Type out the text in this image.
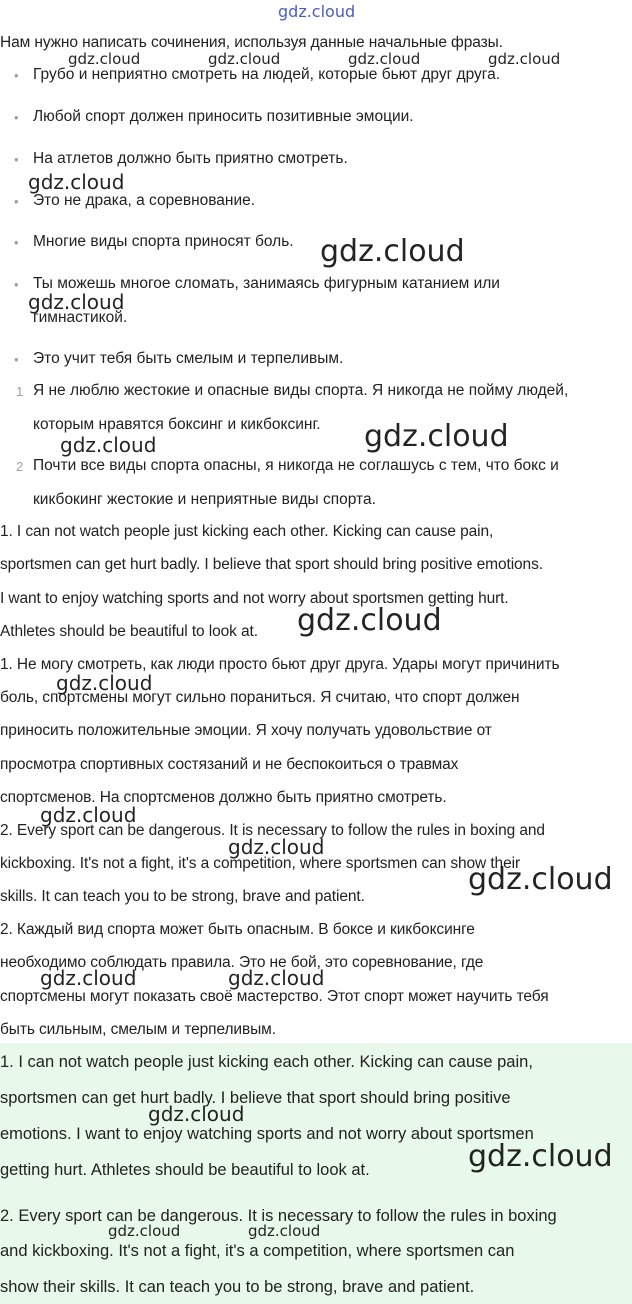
gdz.cloud
Нам нужно написать сочинения, используя данные начальные фразы.
• Грубо и неприятно смотреть на людей, которые бьют друг друга.
• Любой спорт должен приносить позитивные эмоции.
• На атлетов должно быть приятно смотреть.
• Это не драка, а соревнование.
• Многие виды спорта приносят боль.
• Ты можешь многое сломать, занимаясь фигурным катанием или
гимнастикой.
• Это учит тебя быть смелым и терпеливым.
1 Я не люблю жестокие и опасные виды спорта. Я никогда не пойму людей,
которым нравятся боксинг и кикбоксинг.
2 Почти все виды спорта опасны, я никогда не соглашусь с тем, что бокс и
кикбокинг жестокие и неприятные виды спорта.
1. I can not watch people just kicking each other. Kicking can cause pain,
sportsmen can get hurt badly. I believe that sport should bring positive emotions.
I want to enjoy watching sports and not worry about sportsmen getting hurt.
Athletes should be beautiful to look at.
1. Не могу смотреть, как люди просто бьют друг друга. Удары могут причинить
боль, спортсмены могут сильно пораниться. Я считаю, что спорт должен
приносить положительные эмоции. Я хочу получать удовольствие от
просмотра спортивных состязаний и не беспокоиться о травмах
спортсменов. На спортсменов должно быть приятно смотреть.
2. Every sport can be dangerous. It is necessary to follow the rules in boxing and
kickboxing. It's not a fight, it's a competition, where sportsmen can show their
skills. It can teach you to be strong, brave and patient.
2. Каждый вид спорта может быть опасным. В боксе и кикбоксинге
необходимо соблюдать правила. Это не бой, это соревнование, где
спортсмены могут показать своё мастерство. Этот спорт может научить тебя
быть сильным, смелым и терпеливым.
1. I can not watch people just kicking each other. Kicking can cause pain,
sportsmen can get hurt badly. I believe that sport should bring positive
emotions. I want to enjoy watching sports and not worry about sportsmen
getting hurt. Athletes should be beautiful to look at.
2. Every sport can be dangerous. It is necessary to follow the rules in boxing
and kickboxing. It's not a fight, it's a competition, where sportsmen can
show their skills. It can teach you to be strong, brave and patient.
gdz.cloud	gdz.cloud	gdz.cloud	gdz.cloud
gdz.cloud
gdz.cloud
gdz.cloud
gdz.cloud	gdz.cloud
gdz.cloud
gdz.cloud
gdz.cloud
gdz.cloud
gdz.cloud
gdz.cloud	gdz.cloud
gdz.cloud
gdz.cloud
gdz.cloud	gdz.cloud
